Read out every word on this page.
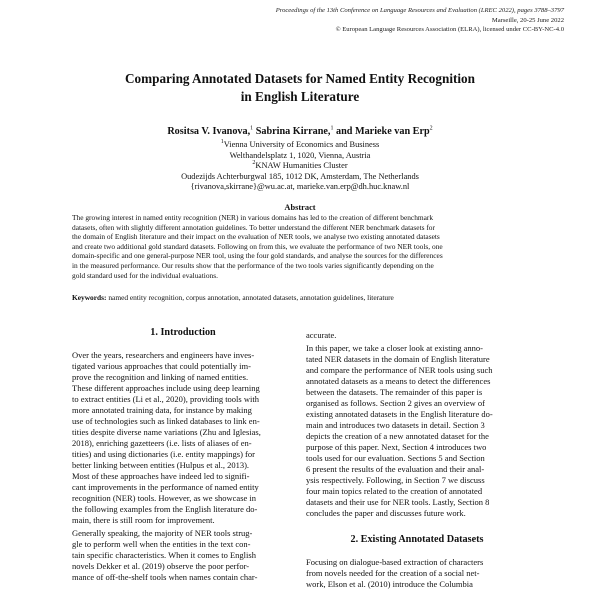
Proceedings of the 13th Conference on Language Resources and Evaluation (LREC 2022), pages 3788–3797
Marseille, 20-25 June 2022
© European Language Resources Association (ELRA), licensed under CC-BY-NC-4.0
Comparing Annotated Datasets for Named Entity Recognition
in English Literature
Rositsa V. Ivanova,$^1$ Sabrina Kirrane,$^1$ and Marieke van Erp$^2$
$^1$Vienna University of Economics and Business
Welthandelsplatz 1, 1020, Vienna, Austria
$^2$KNAW Humanities Cluster
Oudezijds Achterburgwal 185, 1012 DK, Amsterdam, The Netherlands
{rivanova,skirrane}@wu.ac.at, marieke.van.erp@dh.huc.knaw.nl
Abstract
The growing interest in named entity recognition (NER) in various domains has led to the creation of different benchmark
datasets, often with slightly different annotation guidelines. To better understand the different NER benchmark datasets for
the domain of English literature and their impact on the evaluation of NER tools, we analyse two existing annotated datasets
and create two additional gold standard datasets. Following on from this, we evaluate the performance of two NER tools, one
domain-specific and one general-purpose NER tool, using the four gold standards, and analyse the sources for the differences
in the measured performance. Our results show that the performance of the two tools varies significantly depending on the
gold standard used for the individual evaluations.
Keywords: named entity recognition, corpus annotation, annotated datasets, annotation guidelines, literature
1. Introduction
Over the years, researchers and engineers have inves-
tigated various approaches that could potentially im-
prove the recognition and linking of named entities.
These different approaches include using deep learning
to extract entities (Li et al., 2020), providing tools with
more annotated training data, for instance by making
use of technologies such as linked databases to link en-
tities despite diverse name variations (Zhu and Iglesias,
2018), enriching gazetteers (i.e. lists of aliases of en-
tities) and using dictionaries (i.e. entity mappings) for
better linking between entities (Hulpus et al., 2013).
Most of these approaches have indeed led to signifi-
cant improvements in the performance of named entity
recognition (NER) tools. However, as we showcase in
the following examples from the English literature do-
main, there is still room for improvement.
Generally speaking, the majority of NER tools strug-
gle to perform well when the entities in the text con-
tain specific characteristics. When it comes to English
novels Dekker et al. (2019) observe the poor perfor-
mance of off-the-shelf tools when names contain char-
accurate.
In this paper, we take a closer look at existing anno-
tated NER datasets in the domain of English literature
and compare the performance of NER tools using such
annotated datasets as a means to detect the differences
between the datasets. The remainder of this paper is
organised as follows. Section 2 gives an overview of
existing annotated datasets in the English literature do-
main and introduces two datasets in detail. Section 3
depicts the creation of a new annotated dataset for the
purpose of this paper. Next, Section 4 introduces two
tools used for our evaluation. Sections 5 and Section
6 present the results of the evaluation and their anal-
ysis respectively. Following, in Section 7 we discuss
four main topics related to the creation of annotated
datasets and their use for NER tools. Lastly, Section 8
concludes the paper and discusses future work.
2. Existing Annotated Datasets
Focusing on dialogue-based extraction of characters
from novels needed for the creation of a social net-
work, Elson et al. (2010) introduce the Columbia
